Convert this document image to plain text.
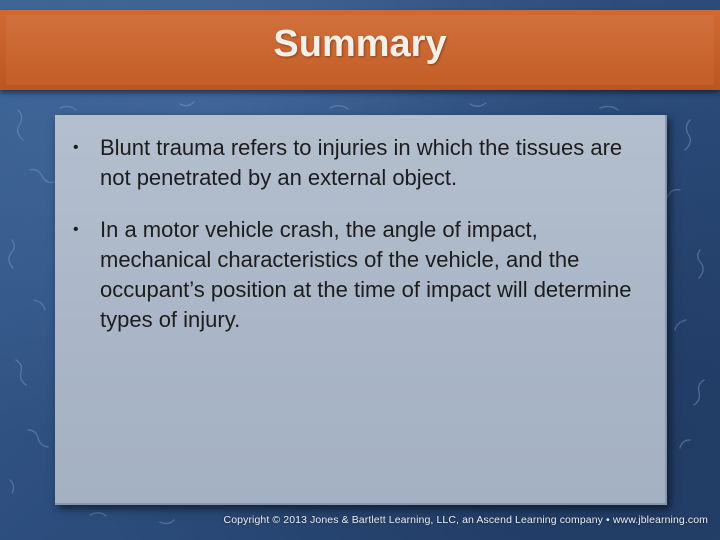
Summary
• Blunt trauma refers to injuries in which the tissues are not penetrated by an external object.
• In a motor vehicle crash, the angle of impact, mechanical characteristics of the vehicle, and the occupant’s position at the time of impact will determine types of injury.
Copyright © 2013 Jones & Bartlett Learning, LLC, an Ascend Learning company • www.jblearning.com
